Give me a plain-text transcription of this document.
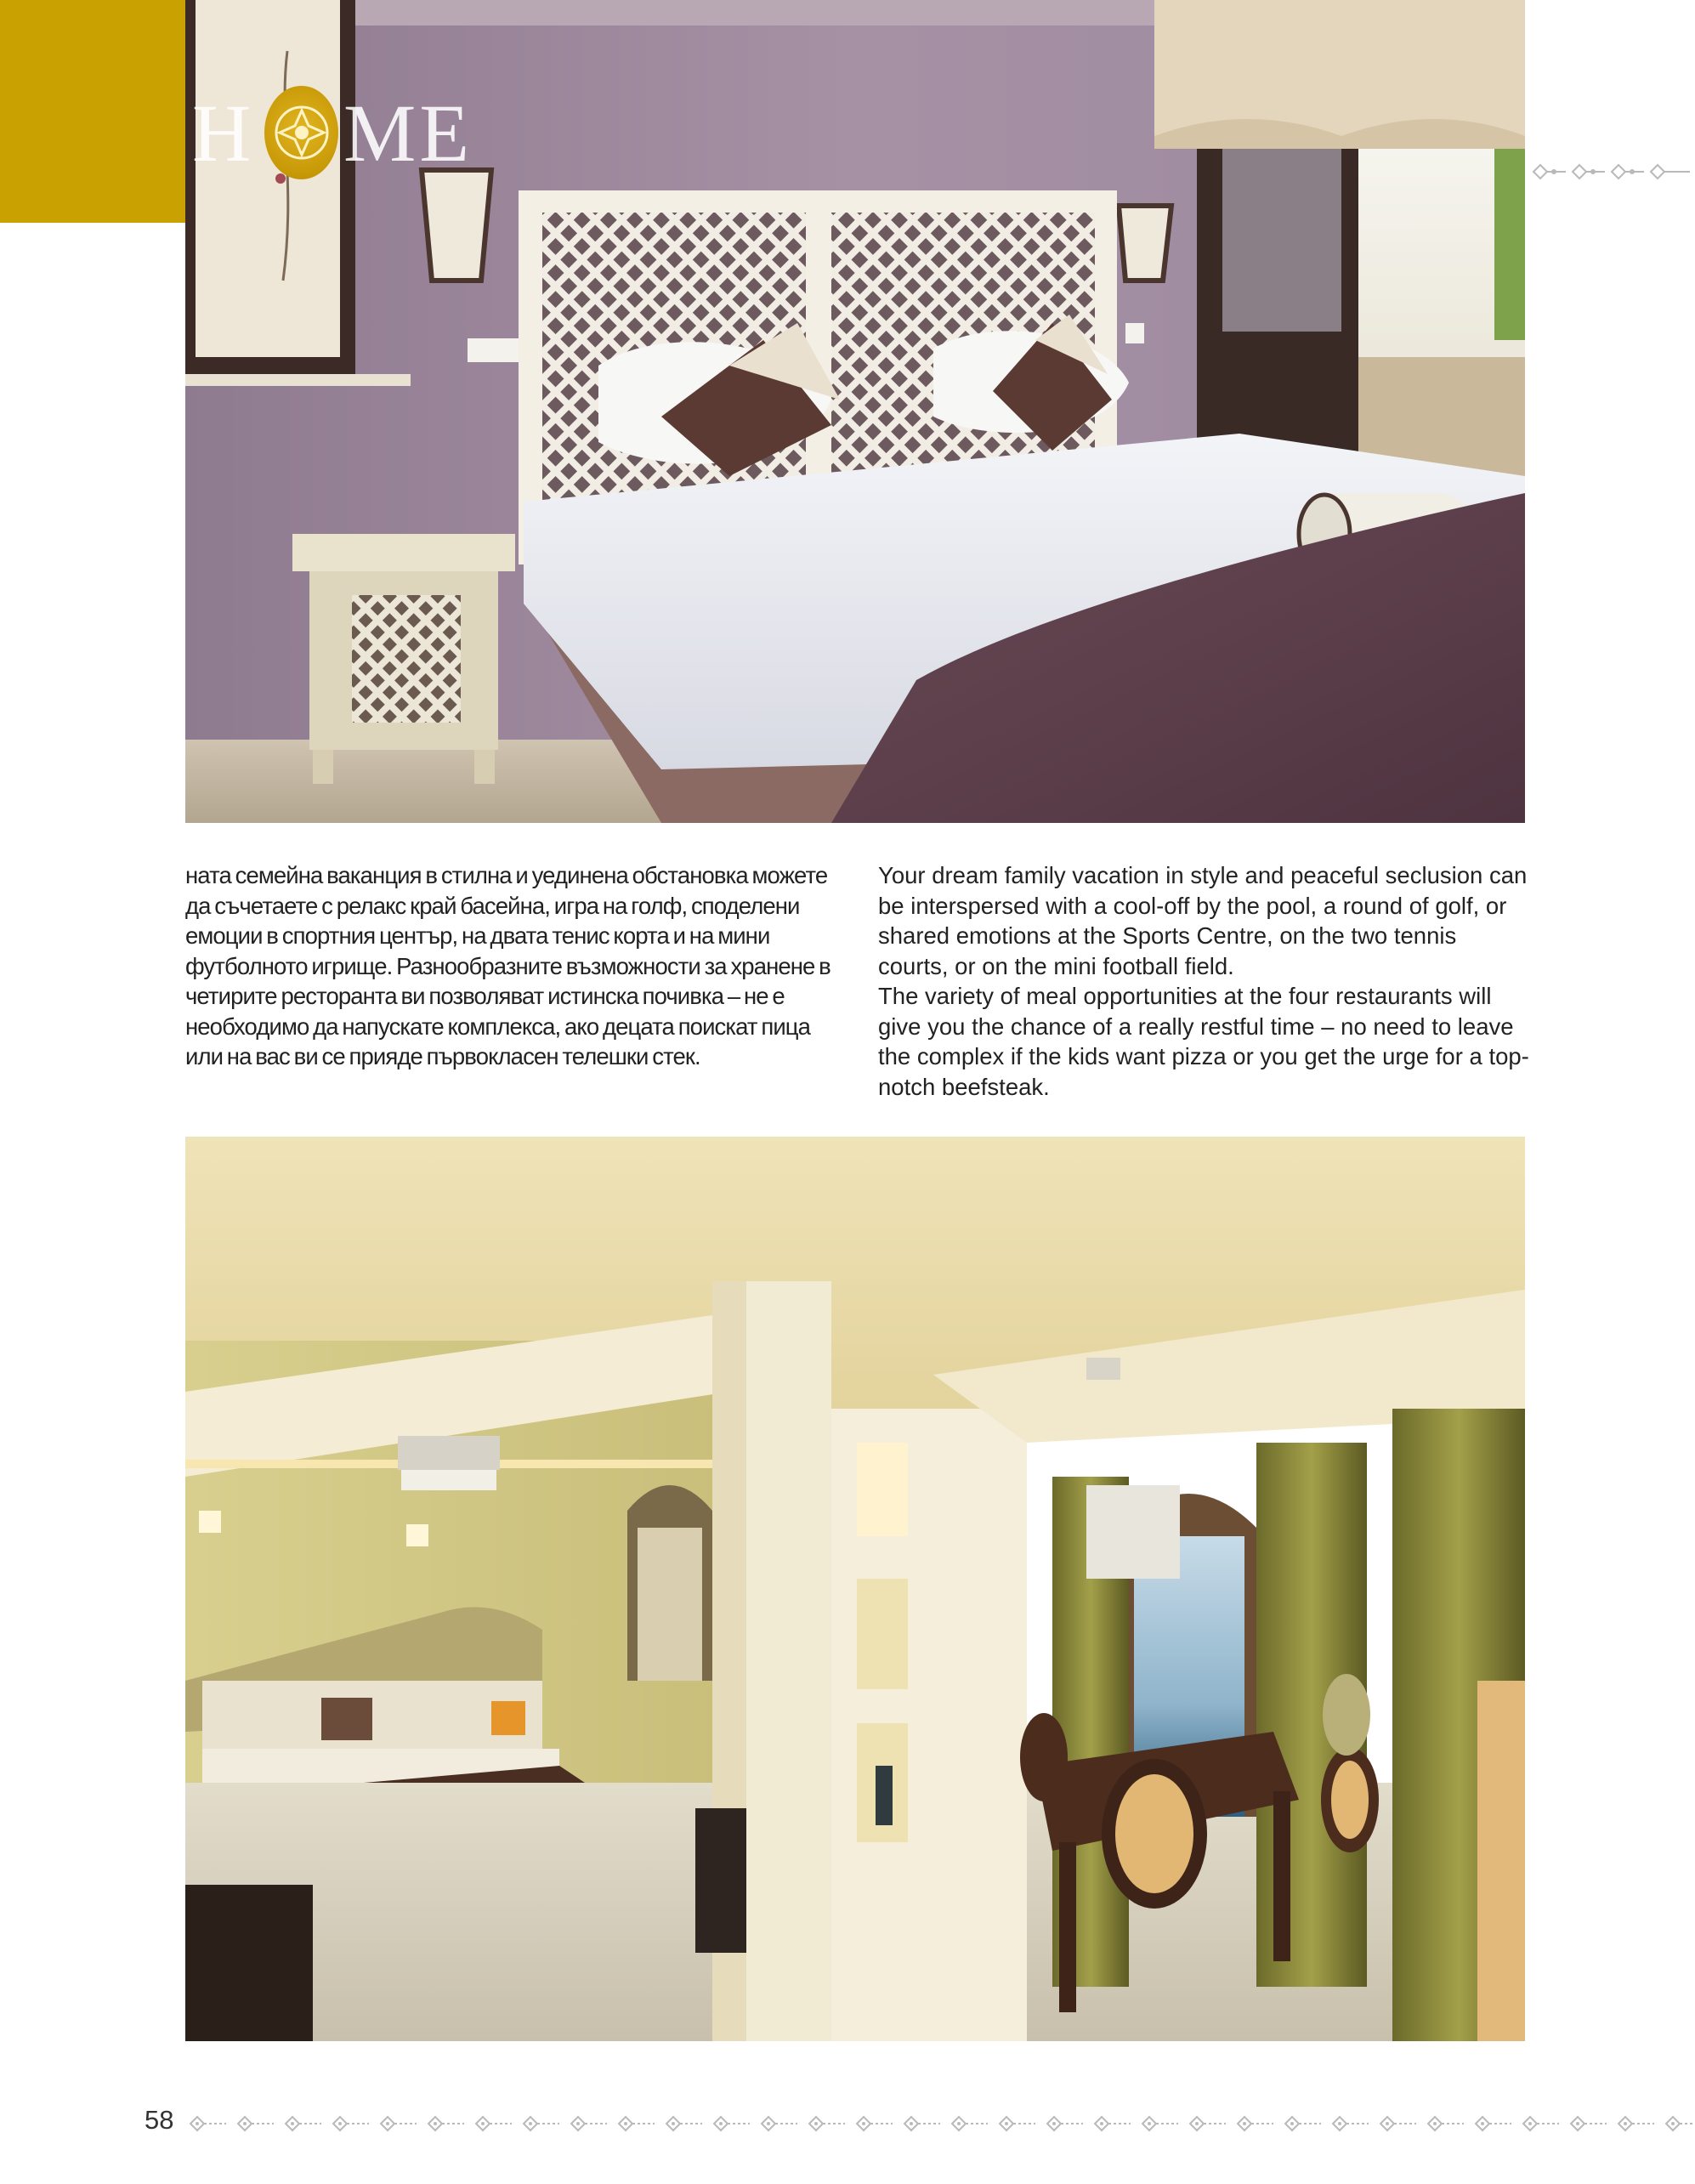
H ME

ната семейна ваканция в стилна и уединена обстановка можете да съчетаете с релакс край басейна, игра на голф, споделени емоции в спортния център, на двата тенис корта и на мини футболното игрище. Разнообразните възможности за хранене в четирите ресторанта ви позволяват истинска почивка – не е необходимо да напускате комплекса, ако децата поискат пица или на вас ви се прияде първокласен телешки стек.

Your dream family vacation in style and peaceful seclusion can be interspersed with a cool-off by the pool, a round of golf, or shared emotions at the Sports Centre, on the two tennis courts, or on the mini football field.

The variety of meal opportunities at the four restaurants will give you the chance of a really restful time – no need to leave the complex if the kids want pizza or you get the urge for a top-notch beefsteak.

58
